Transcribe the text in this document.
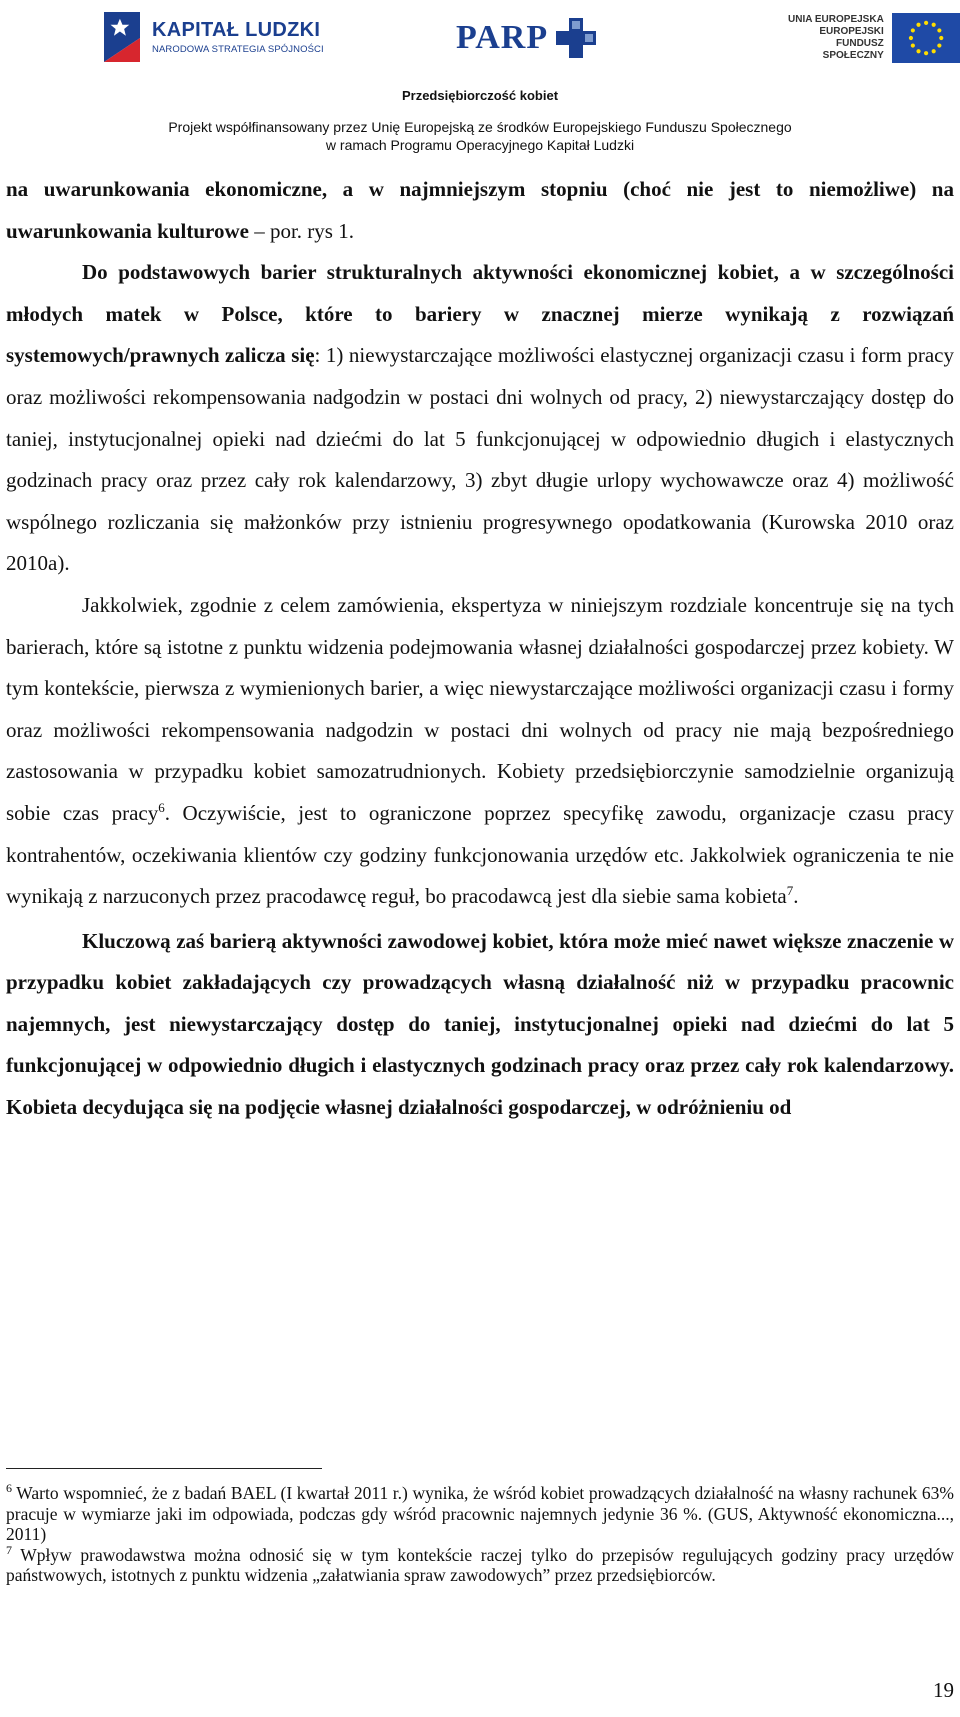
KAPITAŁ LUDZKI
NARODOWA STRATEGIA SPÓJNOŚCI	PARP	UNIA EUROPEJSKA
EUROPEJSKI
FUNDUSZ SPOŁECZNY
Przedsiębiorczość kobiet
Projekt współfinansowany przez Unię Europejską ze środków Europejskiego Funduszu Społecznego
w ramach Programu Operacyjnego Kapitał Ludzki

na uwarunkowania ekonomiczne, a w najmniejszym stopniu (choć nie jest to niemożliwe) na uwarunkowania kulturowe – por. rys 1.

Do podstawowych barier strukturalnych aktywności ekonomicznej kobiet, a w szczególności młodych matek w Polsce, które to bariery w znacznej mierze wynikają z rozwiązań systemowych/prawnych zalicza się: 1) niewystarczające możliwości elastycznej organizacji czasu i form pracy oraz możliwości rekompensowania nadgodzin w postaci dni wolnych od pracy, 2) niewystarczający dostęp do taniej, instytucjonalnej opieki nad dziećmi do lat 5 funkcjonującej w odpowiednio długich i elastycznych godzinach pracy oraz przez cały rok kalendarzowy, 3) zbyt długie urlopy wychowawcze oraz 4) możliwość wspólnego rozliczania się małżonków przy istnieniu progresywnego opodatkowania (Kurowska 2010 oraz 2010a).

Jakkolwiek, zgodnie z celem zamówienia, ekspertyza w niniejszym rozdziale koncentruje się na tych barierach, które są istotne z punktu widzenia podejmowania własnej działalności gospodarczej przez kobiety. W tym kontekście, pierwsza z wymienionych barier, a więc niewystarczające możliwości organizacji czasu i formy oraz możliwości rekompensowania nadgodzin w postaci dni wolnych od pracy nie mają bezpośredniego zastosowania w przypadku kobiet samozatrudnionych. Kobiety przedsiębiorczynie samodzielnie organizują sobie czas pracy$^6$. Oczywiście, jest to ograniczone poprzez specyfikę zawodu, organizacje czasu pracy kontrahentów, oczekiwania klientów czy godziny funkcjonowania urzędów etc. Jakkolwiek ograniczenia te nie wynikają z narzuconych przez pracodawcę reguł, bo pracodawcą jest dla siebie sama kobieta$^7$.

Kluczową zaś barierą aktywności zawodowej kobiet, która może mieć nawet większe znaczenie w przypadku kobiet zakładających czy prowadzących własną działalność niż w przypadku pracownic najemnych, jest niewystarczający dostęp do taniej, instytucjonalnej opieki nad dziećmi do lat 5 funkcjonującej w odpowiednio długich i elastycznych godzinach pracy oraz przez cały rok kalendarzowy. Kobieta decydująca się na podjęcie własnej działalności gospodarczej, w odróżnieniu od

$^6$ Warto wspomnieć, że z badań BAEL (I kwartał 2011 r.) wynika, że wśród kobiet prowadzących działalność na własny rachunek 63% pracuje w wymiarze jaki im odpowiada, podczas gdy wśród pracownic najemnych jedynie 36 %. (GUS, Aktywność ekonomiczna..., 2011)

$^7$ Wpływ prawodawstwa można odnosić się w tym kontekście raczej tylko do przepisów regulujących godziny pracy urzędów państwowych, istotnych z punktu widzenia „załatwiania spraw zawodowych” przez przedsiębiorców.

19
